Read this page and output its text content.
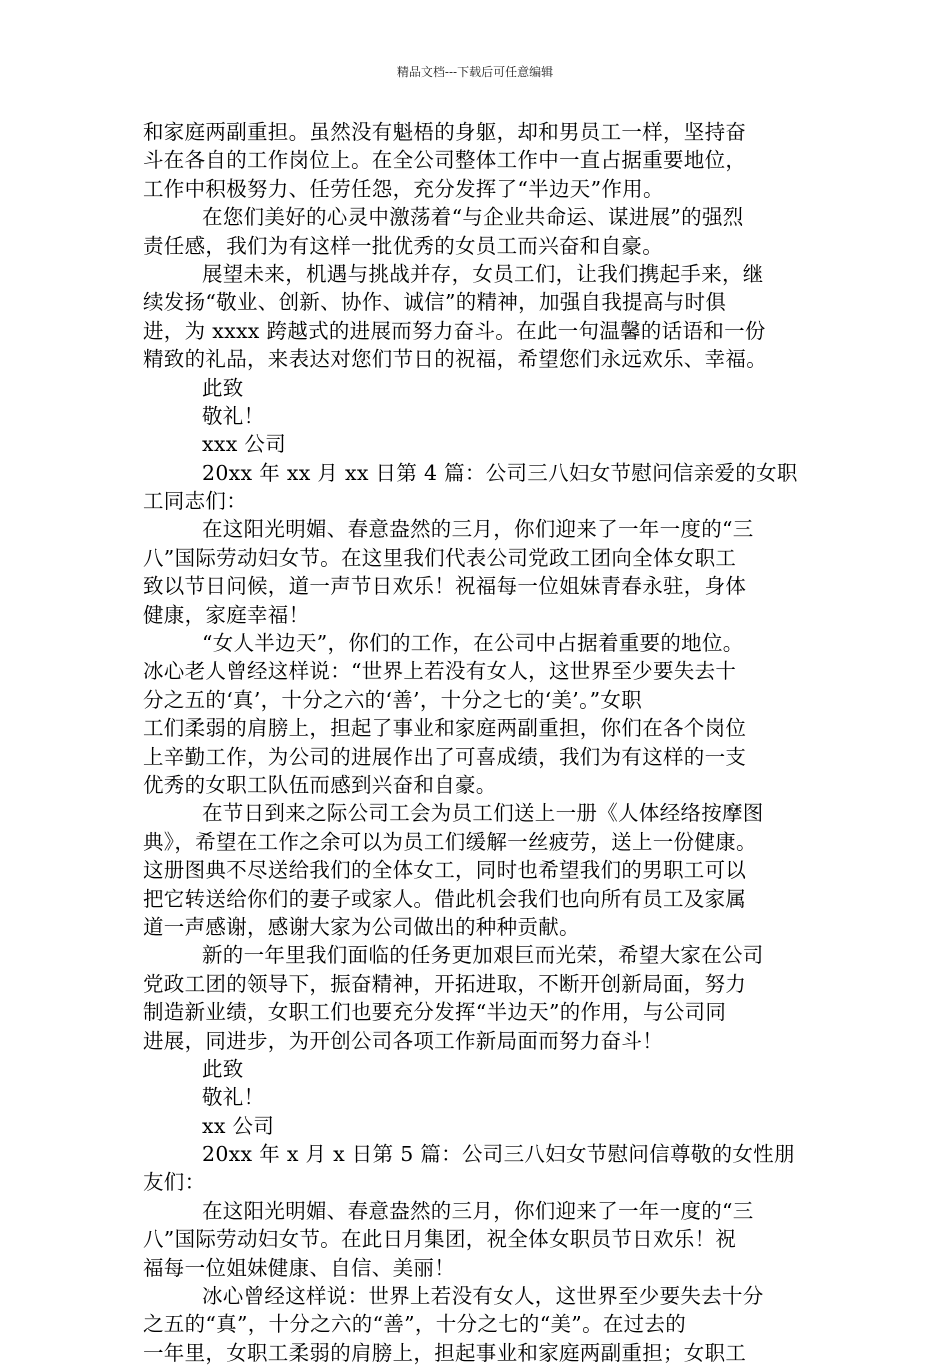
精品文档---下载后可任意编辑
和家庭两副重担。虽然没有魁梧的身躯，却和男员工一样，坚持奋
斗在各自的工作岗位上。在全公司整体工作中一直占据重要地位，
工作中积极努力、任劳任怨，充分发挥了“半边天”作用。
在您们美好的心灵中激荡着“与企业共命运、谋进展”的强烈
责任感，我们为有这样一批优秀的女员工而兴奋和自豪。
展望未来，机遇与挑战并存，女员工们，让我们携起手来，继
续发扬“敬业、创新、协作、诚信”的精神，加强自我提高与时俱
进，为 xxxx 跨越式的进展而努力奋斗。在此一句温馨的话语和一份
精致的礼品，来表达对您们节日的祝福，希望您们永远欢乐、幸福。
此致
敬礼！
xxx 公司
20xx 年 xx 月 xx 日第 4 篇：公司三八妇女节慰问信亲爱的女职
工同志们：
在这阳光明媚、春意盎然的三月，你们迎来了一年一度的“三
八”国际劳动妇女节。在这里我们代表公司党政工团向全体女职工
致以节日问候，道一声节日欢乐！祝福每一位姐妹青春永驻，身体
健康，家庭幸福！
“女人半边天”，你们的工作，在公司中占据着重要的地位。
冰心老人曾经这样说：“世界上若没有女人，这世界至少要失去十
分之五的‘真’，十分之六的‘善’，十分之七的‘美’。”女职
工们柔弱的肩膀上，担起了事业和家庭两副重担，你们在各个岗位
上辛勤工作，为公司的进展作出了可喜成绩，我们为有这样的一支
优秀的女职工队伍而感到兴奋和自豪。
在节日到来之际公司工会为员工们送上一册《人体经络按摩图
典》，希望在工作之余可以为员工们缓解一丝疲劳，送上一份健康。
这册图典不尽送给我们的全体女工，同时也希望我们的男职工可以
把它转送给你们的妻子或家人。借此机会我们也向所有员工及家属
道一声感谢，感谢大家为公司做出的种种贡献。
新的一年里我们面临的任务更加艰巨而光荣，希望大家在公司
党政工团的领导下，振奋精神，开拓进取，不断开创新局面，努力
制造新业绩，女职工们也要充分发挥“半边天”的作用，与公司同
进展，同进步，为开创公司各项工作新局面而努力奋斗！
此致
敬礼！
xx 公司
20xx 年 x 月 x 日第 5 篇：公司三八妇女节慰问信尊敬的女性朋
友们：
在这阳光明媚、春意盎然的三月，你们迎来了一年一度的“三
八”国际劳动妇女节。在此日月集团，祝全体女职员节日欢乐！祝
福每一位姐妹健康、自信、美丽！
冰心曾经这样说：世界上若没有女人，这世界至少要失去十分
之五的“真”，十分之六的“善”，十分之七的“美”。在过去的
一年里，女职工柔弱的肩膀上，担起事业和家庭两副重担；女职工
